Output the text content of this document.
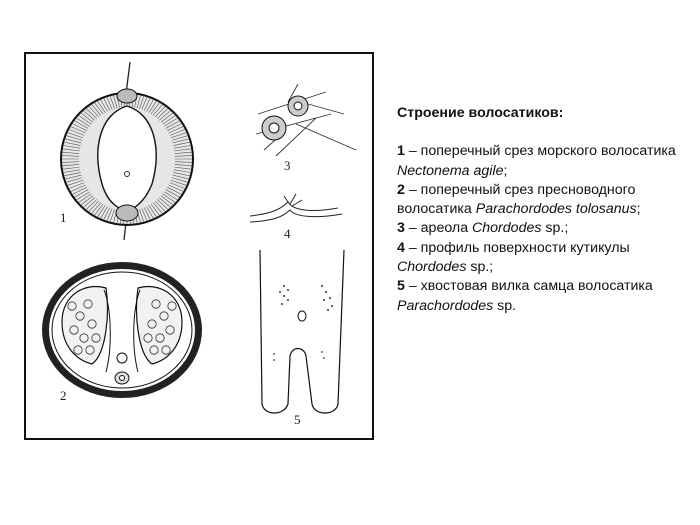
1
2
3
4
5
Строение волосатиков:
1 – поперечный срез морского волосатика Nectonema agile;
2 – поперечный срез пресноводного волосатика Parachordodes tolosanus;
3 – ареола Chordodes sp.;
4 – профиль поверхности кутикулы Chordodes sp.;
5 – хвостовая вилка самца волосатика Parachordodes sp.
